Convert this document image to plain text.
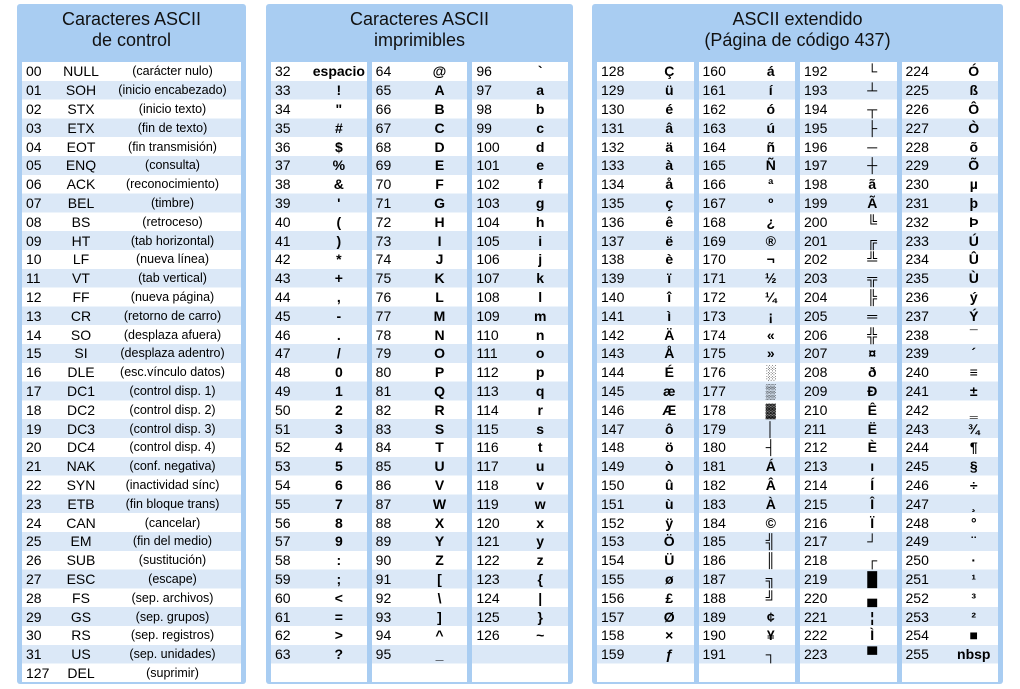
Caracteres ASCII
de control
00	NULL	(carácter nulo)
01	SOH	(inicio encabezado)
02	STX	(inicio texto)
03	ETX	(fin de texto)
04	EOT	(fin transmisión)
05	ENQ	(consulta)
06	ACK	(reconocimiento)
07	BEL	(timbre)
08	BS	(retroceso)
09	HT	(tab horizontal)
10	LF	(nueva línea)
11	VT	(tab vertical)
12	FF	(nueva página)
13	CR	(retorno de carro)
14	SO	(desplaza afuera)
15	SI	(desplaza adentro)
16	DLE	(esc.vínculo datos)
17	DC1	(control disp. 1)
18	DC2	(control disp. 2)
19	DC3	(control disp. 3)
20	DC4	(control disp. 4)
21	NAK	(conf. negativa)
22	SYN	(inactividad sínc)
23	ETB	(fin bloque trans)
24	CAN	(cancelar)
25	EM	(fin del medio)
26	SUB	(sustitución)
27	ESC	(escape)
28	FS	(sep. archivos)
29	GS	(sep. grupos)
30	RS	(sep. registros)
31	US	(sep. unidades)
127	DEL	(suprimir)
Caracteres ASCII
imprimibles
32	espacio
33	!
34	"
35	#
36	$
37	%
38	&
39	'
40	(
41	)
42	*
43	+
44	,
45	-
46	.
47	/
48	0
49	1
50	2
51	3
52	4
53	5
54	6
55	7
56	8
57	9
58	:
59	;
60	<
61	=
62	>
63	?
64	@
65	A
66	B
67	C
68	D
69	E
70	F
71	G
72	H
73	I
74	J
75	K
76	L
77	M
78	N
79	O
80	P
81	Q
82	R
83	S
84	T
85	U
86	V
87	W
88	X
89	Y
90	Z
91	[
92	\
93	]
94	^
95	_
96	`
97	a
98	b
99	c
100	d
101	e
102	f
103	g
104	h
105	i
106	j
107	k
108	l
109	m
110	n
111	o
112	p
113	q
114	r
115	s
116	t
117	u
118	v
119	w
120	x
121	y
122	z
123	{
124	|
125	}
126	~
ASCII extendido
(Página de código 437)
128	Ç
129	ü
130	é
131	â
132	ä
133	à
134	å
135	ç
136	ê
137	ë
138	è
139	ï
140	î
141	ì
142	Ä
143	Å
144	É
145	æ
146	Æ
147	ô
148	ö
149	ò
150	û
151	ù
152	ÿ
153	Ö
154	Ü
155	ø
156	£
157	Ø
158	×
159	ƒ
160	á
161	í
162	ó
163	ú
164	ñ
165	Ñ
166	ª
167	º
168	¿
169	®
170	¬
171	½
172	¼
173	¡
174	«
175	»
176	░
177	▒
178	▓
179	│
180	┤
181	Á
182	Â
183	À
184	©
185	╣
186	║
187	╗
188	╝
189	¢
190	¥
191	┐
192	└
193	┴
194	┬
195	├
196	─
197	┼
198	ã
199	Ã
200	╚
201	╔
202	╩
203	╦
204	╠
205	═
206	╬
207	¤
208	ð
209	Ð
210	Ê
211	Ë
212	È
213	ı
214	Í
215	Î
216	Ï
217	┘
218	┌
219	█
220	▄
221	¦
222	Ì
223	▀
224	Ó
225	ß
226	Ô
227	Ò
228	õ
229	Õ
230	µ
231	þ
232	Þ
233	Ú
234	Û
235	Ù
236	ý
237	Ý
238	¯
239	´
240	≡
241	±
242	‗
243	¾
244	¶
245	§
246	÷
247	¸
248	°
249	¨
250	·
251	¹
252	³
253	²
254	■
255	nbsp
